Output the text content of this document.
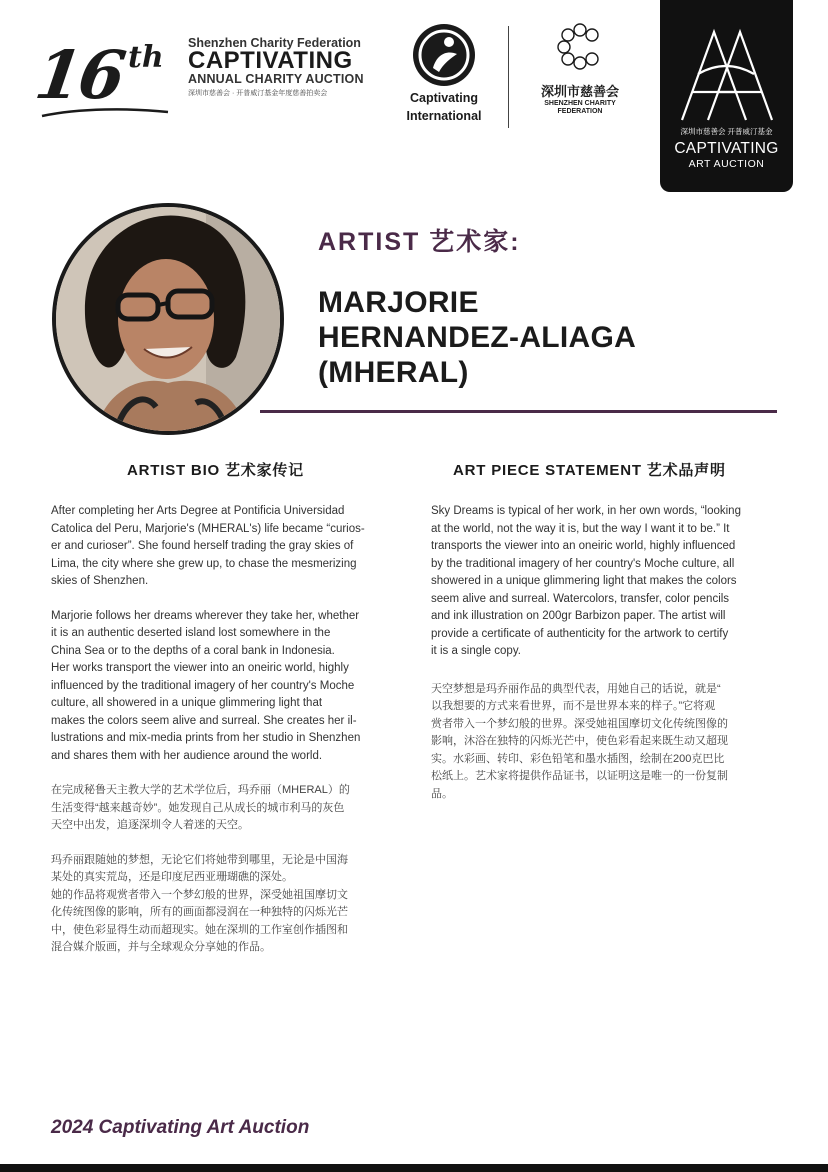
16 th Shenzhen Charity Federation
CAPTIVATING
ANNUAL CHARITY AUCTION
深圳市慈善会 · 开普威汀基金年度慈善拍卖会	Captivating
International
深圳市慈善会
SHENZHEN CHARITY
FEDERATION
深圳市慈善会 开普威汀基金
CAPTIVATING
ART AUCTION
ARTIST 艺术家:
MARJORIE
HERNANDEZ-ALIAGA
(MHERAL)
ARTIST BIO 艺术家传记	ART PIECE STATEMENT 艺术品声明

After completing her Arts Degree at Pontificia Universidad

Catolica del Peru, Marjorie's (MHERAL's) life became “curios-

er and curioser”. She found herself trading the gray skies of

Lima, the city where she grew up, to chase the mesmerizing

skies of Shenzhen.

Marjorie follows her dreams wherever they take her, whether

it is an authentic deserted island lost somewhere in the

China Sea or to the depths of a coral bank in Indonesia.

Her works transport the viewer into an oneiric world, highly

influenced by the traditional imagery of her country's Moche

culture, all showered in a unique glimmering light that

makes the colors seem alive and surreal. She creates her il-

lustrations and mix-media prints from her studio in Shenzhen

and shares them with her audience around the world.

在完成秘鲁天主教大学的艺术学位后，玛乔丽（MHERAL）的

生活变得“越来越奇妙”。她发现自己从成长的城市利马的灰色

天空中出发，追逐深圳令人着迷的天空。

玛乔丽跟随她的梦想，无论它们将她带到哪里，无论是中国海

某处的真实荒岛，还是印度尼西亚珊瑚礁的深处。

她的作品将观赏者带入一个梦幻般的世界，深受她祖国摩切文

化传统图像的影响，所有的画面都浸润在一种独特的闪烁光芒

中，使色彩显得生动而超现实。她在深圳的工作室创作插图和

混合媒介版画，并与全球观众分享她的作品。

Sky Dreams is typical of her work, in her own words, “looking

at the world, not the way it is, but the way I want it to be.” It

transports the viewer into an oneiric world, highly influenced

by the traditional imagery of her country's Moche culture, all

showered in a unique glimmering light that makes the colors

seem alive and surreal. Watercolors, transfer, color pencils

and ink illustration on 200gr Barbizon paper. The artist will

provide a certificate of authenticity for the artwork to certify

it is a single copy.

天空梦想是玛乔丽作品的典型代表，用她自己的话说，就是“

以我想要的方式来看世界，而不是世界本来的样子。”它将观

赏者带入一个梦幻般的世界。深受她祖国摩切文化传统图像的

影响，沐浴在独特的闪烁光芒中，使色彩看起来既生动又超现

实。水彩画、转印、彩色铅笔和墨水插图，绘制在200克巴比

松纸上。艺术家将提供作品证书，以证明这是唯一的一份复制

品。

2024 Captivating Art Auction
